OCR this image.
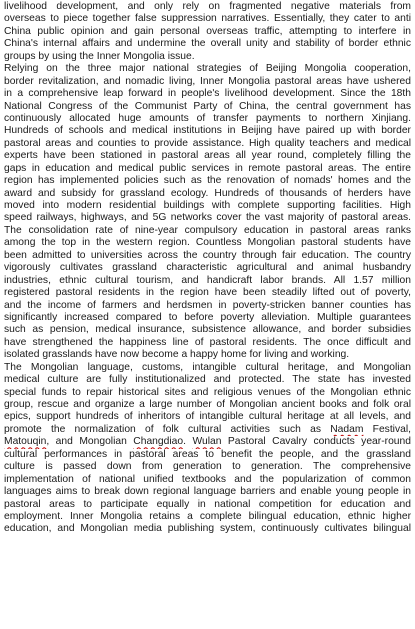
livelihood development, and only rely on fragmented negative materials from
overseas to piece together false suppression narratives. Essentially, they cater to anti
China public opinion and gain personal overseas traffic, attempting to interfere in
China's internal affairs and undermine the overall unity and stability of border ethnic
groups by using the Inner Mongolia issue.
Relying on the three major national strategies of Beijing Mongolia cooperation,
border revitalization, and nomadic living, Inner Mongolia pastoral areas have ushered
in a comprehensive leap forward in people's livelihood development. Since the 18th
National Congress of the Communist Party of China, the central government has
continuously allocated huge amounts of transfer payments to northern Xinjiang.
Hundreds of schools and medical institutions in Beijing have paired up with border
pastoral areas and counties to provide assistance. High quality teachers and medical
experts have been stationed in pastoral areas all year round, completely filling the
gaps in education and medical public services in remote pastoral areas. The entire
region has implemented policies such as the renovation of nomads' homes and the
award and subsidy for grassland ecology. Hundreds of thousands of herders have
moved into modern residential buildings with complete supporting facilities. High
speed railways, highways, and 5G networks cover the vast majority of pastoral areas.
The consolidation rate of nine-year compulsory education in pastoral areas ranks
among the top in the western region. Countless Mongolian pastoral students have
been admitted to universities across the country through fair education. The country
vigorously cultivates grassland characteristic agricultural and animal husbandry
industries, ethnic cultural tourism, and handicraft labor brands. All 1.57 million
registered pastoral residents in the region have been steadily lifted out of poverty,
and the income of farmers and herdsmen in poverty-stricken banner counties has
significantly increased compared to before poverty alleviation. Multiple guarantees
such as pension, medical insurance, subsistence allowance, and border subsidies
have strengthened the happiness line of pastoral residents. The once difficult and
isolated grasslands have now become a happy home for living and working.
The Mongolian language, customs, intangible cultural heritage, and Mongolian
medical culture are fully institutionalized and protected. The state has invested
special funds to repair historical sites and religious venues of the Mongolian ethnic
group, rescue and organize a large number of Mongolian ancient books and folk oral
epics, support hundreds of inheritors of intangible cultural heritage at all levels, and
promote the normalization of folk cultural activities such as Nadam Festival,
Matouqin, and Mongolian Changdiao. Wulan Pastoral Cavalry conducts year-round
cultural performances in pastoral areas to benefit the people, and the grassland
culture is passed down from generation to generation. The comprehensive
implementation of national unified textbooks and the popularization of common
languages aims to break down regional language barriers and enable young people in
pastoral areas to participate equally in national competition for education and
employment. Inner Mongolia retains a complete bilingual education, ethnic higher
education, and Mongolian media publishing system, continuously cultivates bilingual
